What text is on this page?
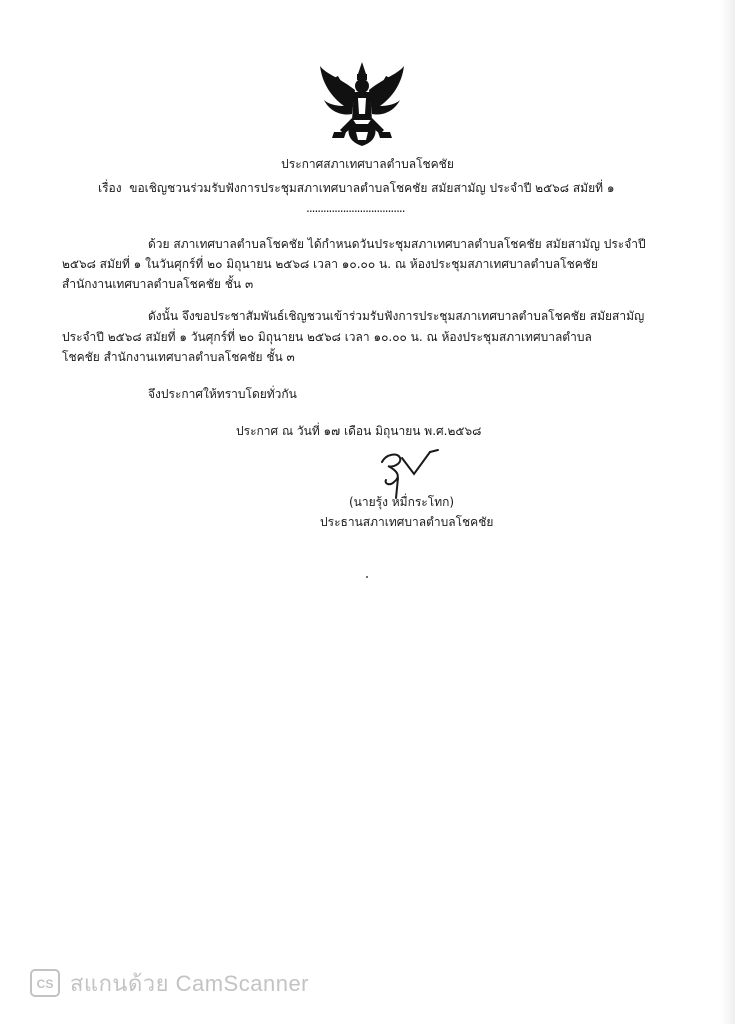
ประกาศสภาเทศบาลตำบลโชคชัย
เรื่อง ขอเชิญชวนร่วมรับฟังการประชุมสภาเทศบาลตำบลโชคชัย สมัยสามัญ ประจำปี ๒๕๖๘ สมัยที่ ๑
...................................
ด้วย สภาเทศบาลตำบลโชคชัย ได้กำหนดวันประชุมสภาเทศบาลตำบลโชคชัย สมัยสามัญ ประจำปี
๒๕๖๘ สมัยที่ ๑ ในวันศุกร์ที่ ๒๐ มิถุนายน ๒๕๖๘ เวลา ๑๐.๐๐ น. ณ ห้องประชุมสภาเทศบาลตำบลโชคชัย
สำนักงานเทศบาลตำบลโชคชัย ชั้น ๓
ดังนั้น จึงขอประชาสัมพันธ์เชิญชวนเข้าร่วมรับฟังการประชุมสภาเทศบาลตำบลโชคชัย สมัยสามัญ
ประจำปี ๒๕๖๘ สมัยที่ ๑ วันศุกร์ที่ ๒๐ มิถุนายน ๒๕๖๘ เวลา ๑๐.๐๐ น. ณ ห้องประชุมสภาเทศบาลตำบล
โชคชัย สำนักงานเทศบาลตำบลโชคชัย ชั้น ๓
จึงประกาศให้ทราบโดยทั่วกัน
ประกาศ ณ วันที่ ๑๗ เดือน มิถุนายน พ.ศ.๒๕๖๘
(นายรุ้ง หมื่กระโทก)
ประธานสภาเทศบาลตำบลโชคชัย
CS สแกนด้วย CamScanner
